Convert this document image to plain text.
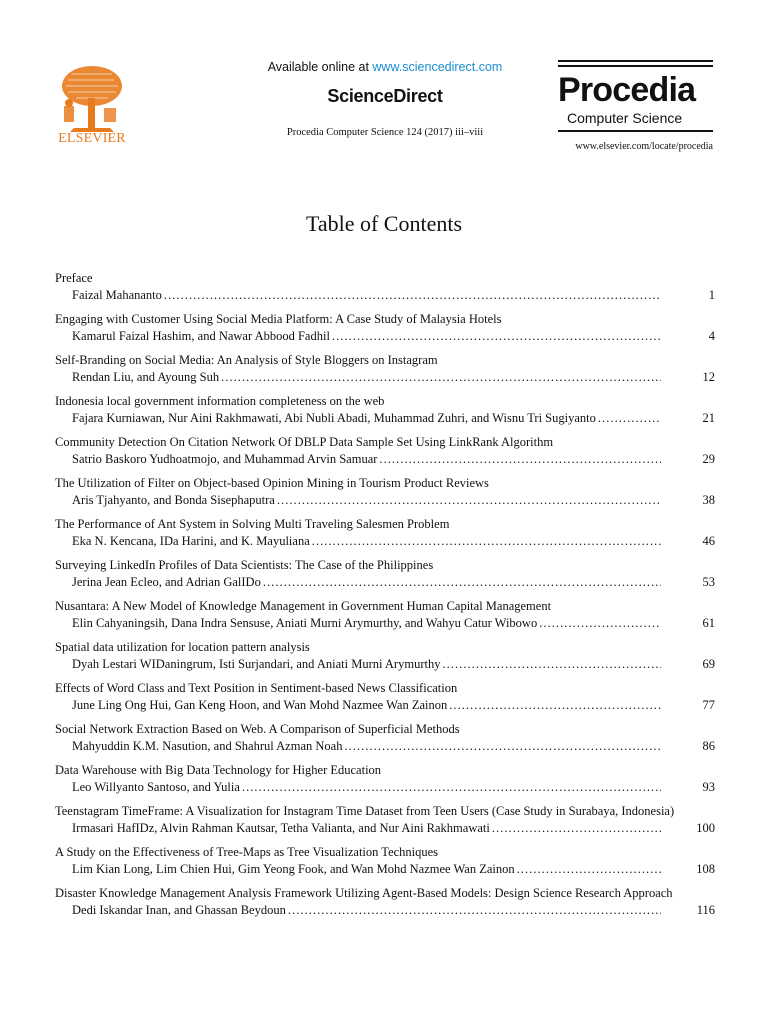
ELSEVIER
Available online at www.sciencedirect.com
ScienceDirect
Procedia Computer Science 124 (2017) iii–viii
Procedia
Computer Science
www.elsevier.com/locate/procedia
Table of Contents
Preface
Faizal Mahananto .....	1
Engaging with Customer Using Social Media Platform: A Case Study of Malaysia Hotels
Kamarul Faizal Hashim, and Nawar Abbood Fadhil .....	4
Self-Branding on Social Media: An Analysis of Style Bloggers on Instagram
Rendan Liu, and Ayoung Suh .....	12
Indonesia local government information completeness on the web
Fajara Kurniawan, Nur Aini Rakhmawati, Abi Nubli Abadi, Muhammad Zuhri, and Wisnu Tri Sugiyanto .....	21
Community Detection On Citation Network Of DBLP Data Sample Set Using LinkRank Algorithm
Satrio Baskoro Yudhoatmojo, and Muhammad Arvin Samuar .....	29
The Utilization of Filter on Object-based Opinion Mining in Tourism Product Reviews
Aris Tjahyanto, and Bonda Sisephaputra .....	38
The Performance of Ant System in Solving Multi Traveling Salesmen Problem
Eka N. Kencana, IDa Harini, and K. Mayuliana .....	46
Surveying LinkedIn Profiles of Data Scientists: The Case of the Philippines
Jerina Jean Ecleo, and Adrian GalIDo .....	53
Nusantara: A New Model of Knowledge Management in Government Human Capital Management
Elin Cahyaningsih, Dana Indra Sensuse, Aniati Murni Arymurthy, and Wahyu Catur Wibowo .....	61
Spatial data utilization for location pattern analysis
Dyah Lestari WIDaningrum, Isti Surjandari, and Aniati Murni Arymurthy .....	69
Effects of Word Class and Text Position in Sentiment-based News Classification
June Ling Ong Hui, Gan Keng Hoon, and Wan Mohd Nazmee Wan Zainon .....	77
Social Network Extraction Based on Web. A Comparison of Superficial Methods
Mahyuddin K.M. Nasution, and Shahrul Azman Noah .....	86
Data Warehouse with Big Data Technology for Higher Education
Leo Willyanto Santoso, and Yulia .....	93
Teenstagram TimeFrame: A Visualization for Instagram Time Dataset from Teen Users (Case Study in Surabaya, Indonesia)
Irmasari HafIDz, Alvin Rahman Kautsar, Tetha Valianta, and Nur Aini Rakhmawati .....	100
A Study on the Effectiveness of Tree-Maps as Tree Visualization Techniques
Lim Kian Long, Lim Chien Hui, Gim Yeong Fook, and Wan Mohd Nazmee Wan Zainon .....	108
Disaster Knowledge Management Analysis Framework Utilizing Agent-Based Models: Design Science Research Approach
Dedi Iskandar Inan, and Ghassan Beydoun .....	116
